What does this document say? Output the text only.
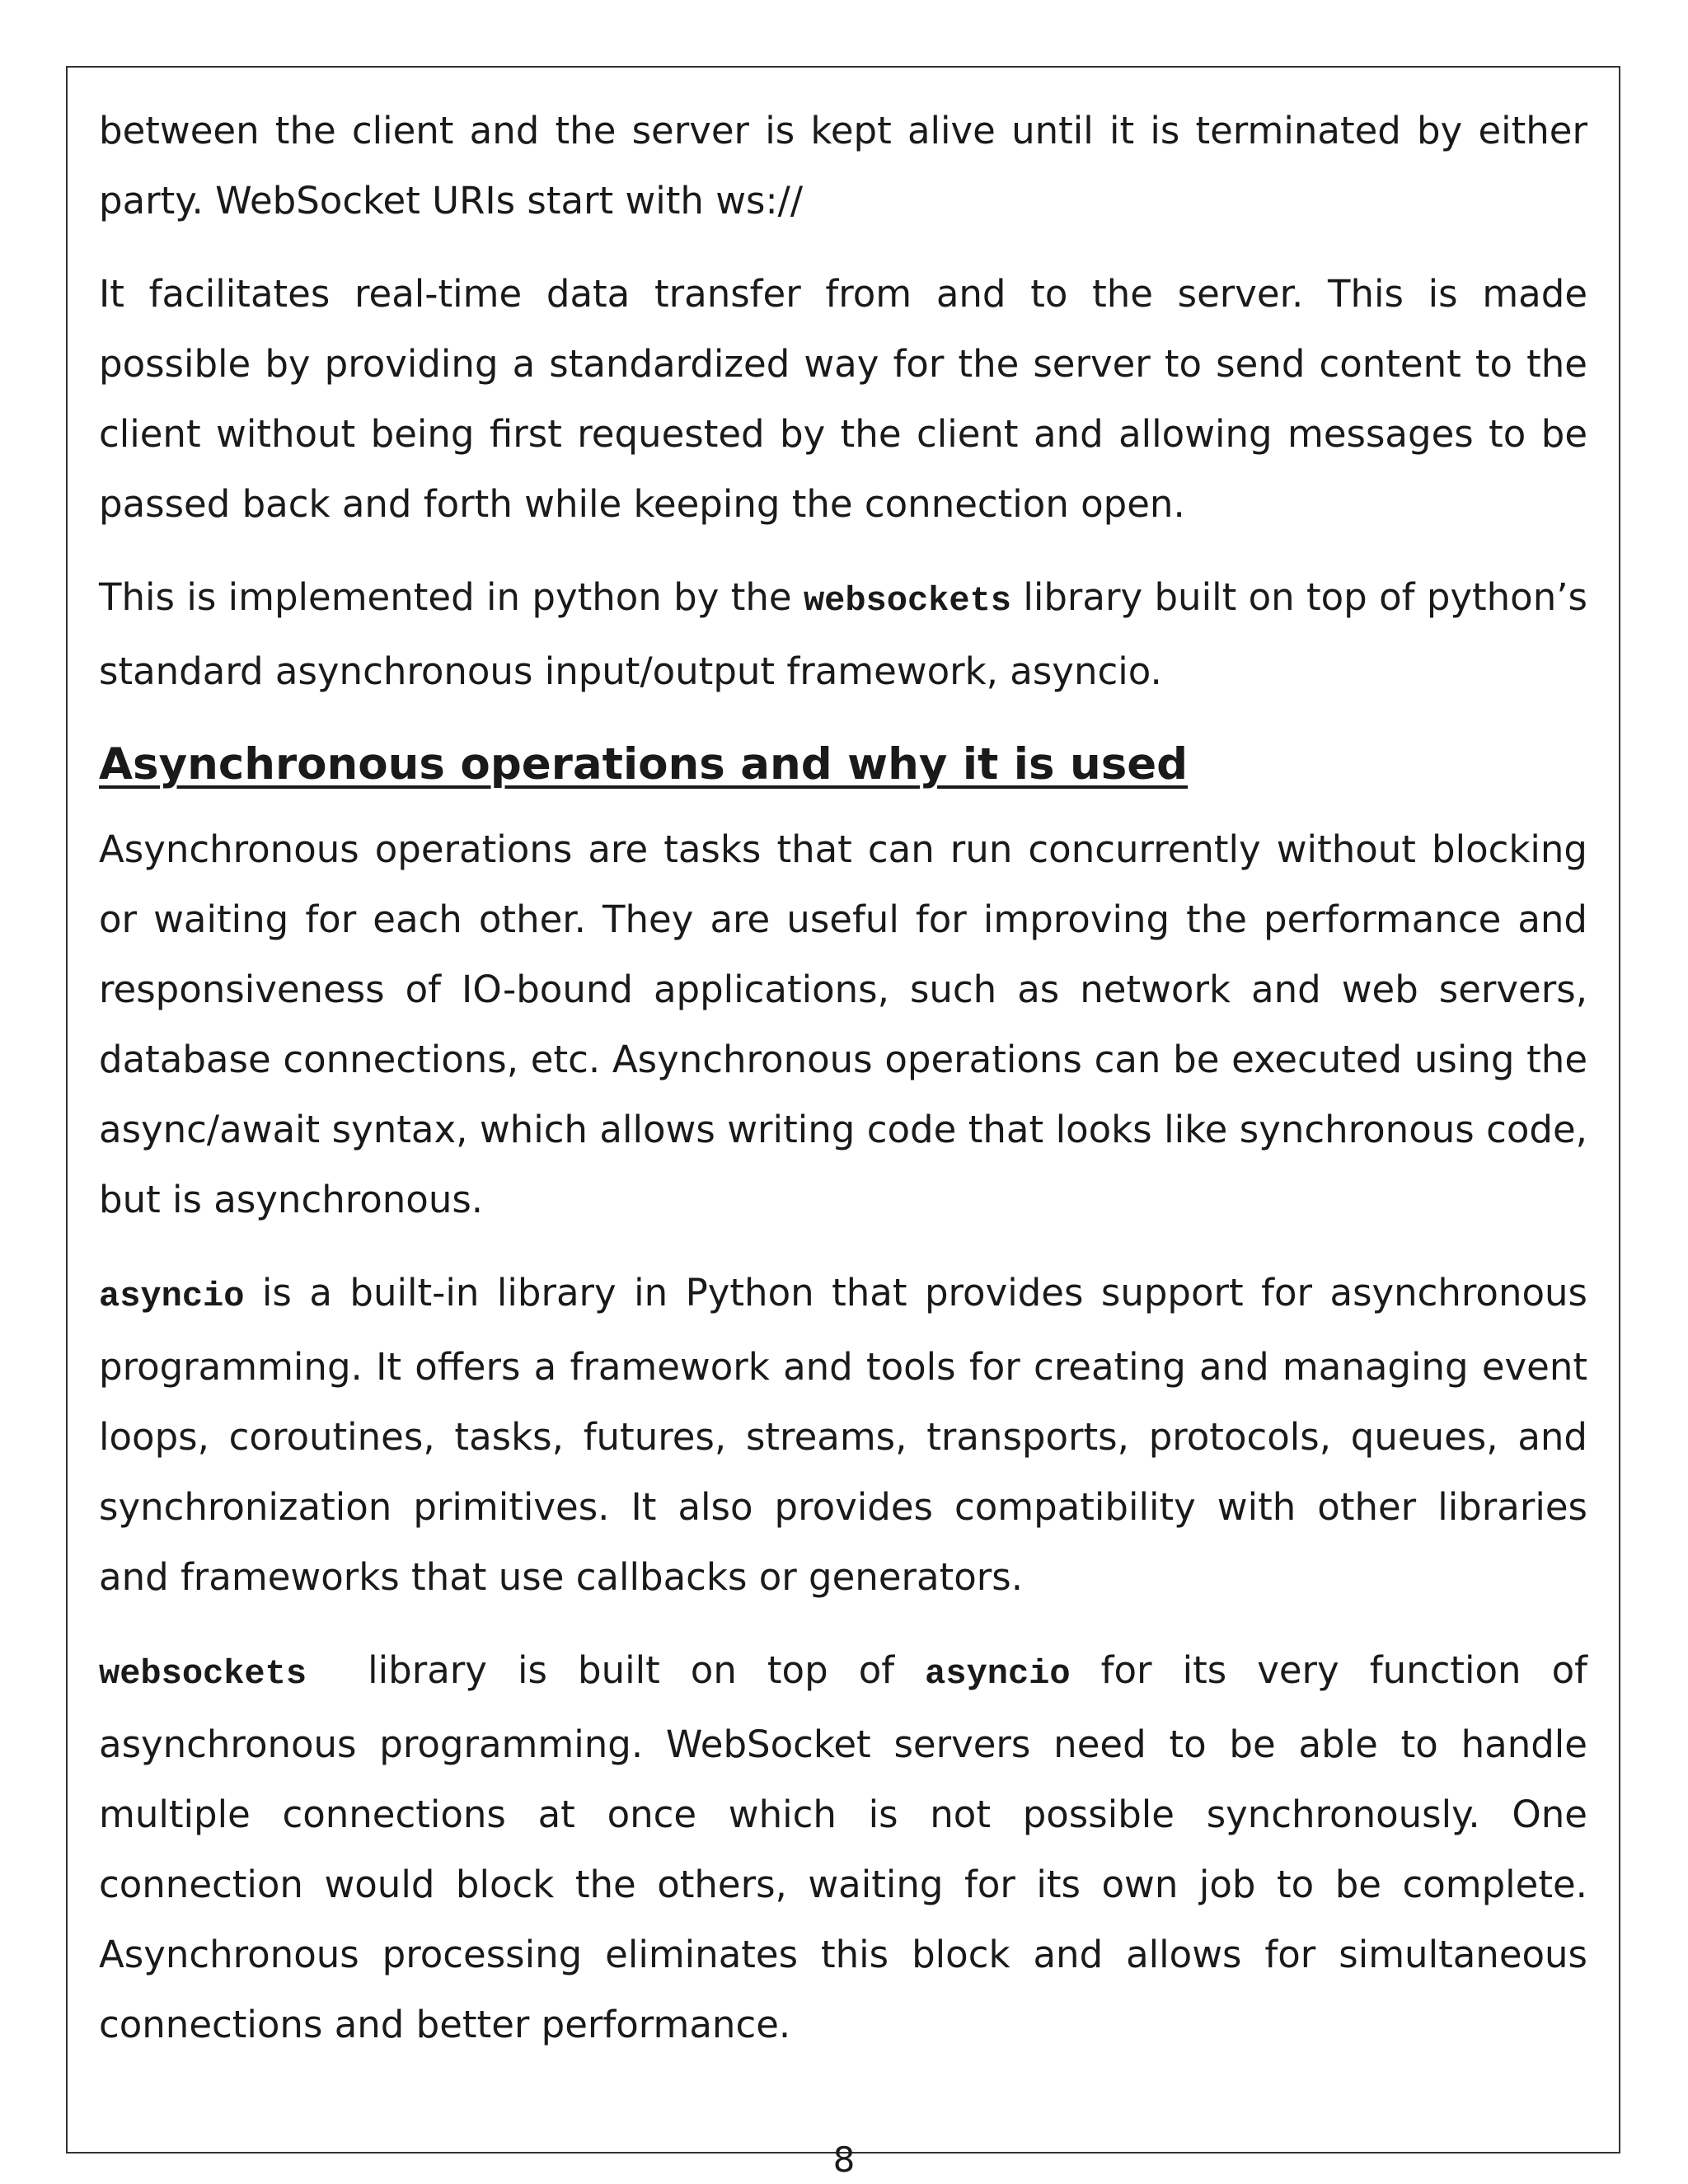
between the client and the server is kept alive until it is terminated by either party. WebSocket URIs start with ws://

It facilitates real-time data transfer from and to the server. This is made possible by providing a standardized way for the server to send content to the client without being first requested by the client and allowing messages to be passed back and forth while keeping the connection open.

This is implemented in python by the websockets library built on top of python’s standard asynchronous input/output framework, asyncio.

Asynchronous operations and why it is used

Asynchronous operations are tasks that can run concurrently without blocking or waiting for each other. They are useful for improving the performance and responsiveness of IO-bound applications, such as network and web servers, database connections, etc. Asynchronous operations can be executed using the async/await syntax, which allows writing code that looks like synchronous code, but is asynchronous.

asyncio is a built-in library in Python that provides support for asynchronous programming. It offers a framework and tools for creating and managing event loops, coroutines, tasks, futures, streams, transports, protocols, queues, and synchronization primitives. It also provides compatibility with other libraries and frameworks that use callbacks or generators.

websockets  library is built on top of asyncio for its very function of asynchronous programming. WebSocket servers need to be able to handle multiple connections at once which is not possible synchronously. One connection would block the others, waiting for its own job to be complete. Asynchronous processing eliminates this block and allows for simultaneous connections and better performance.

8
